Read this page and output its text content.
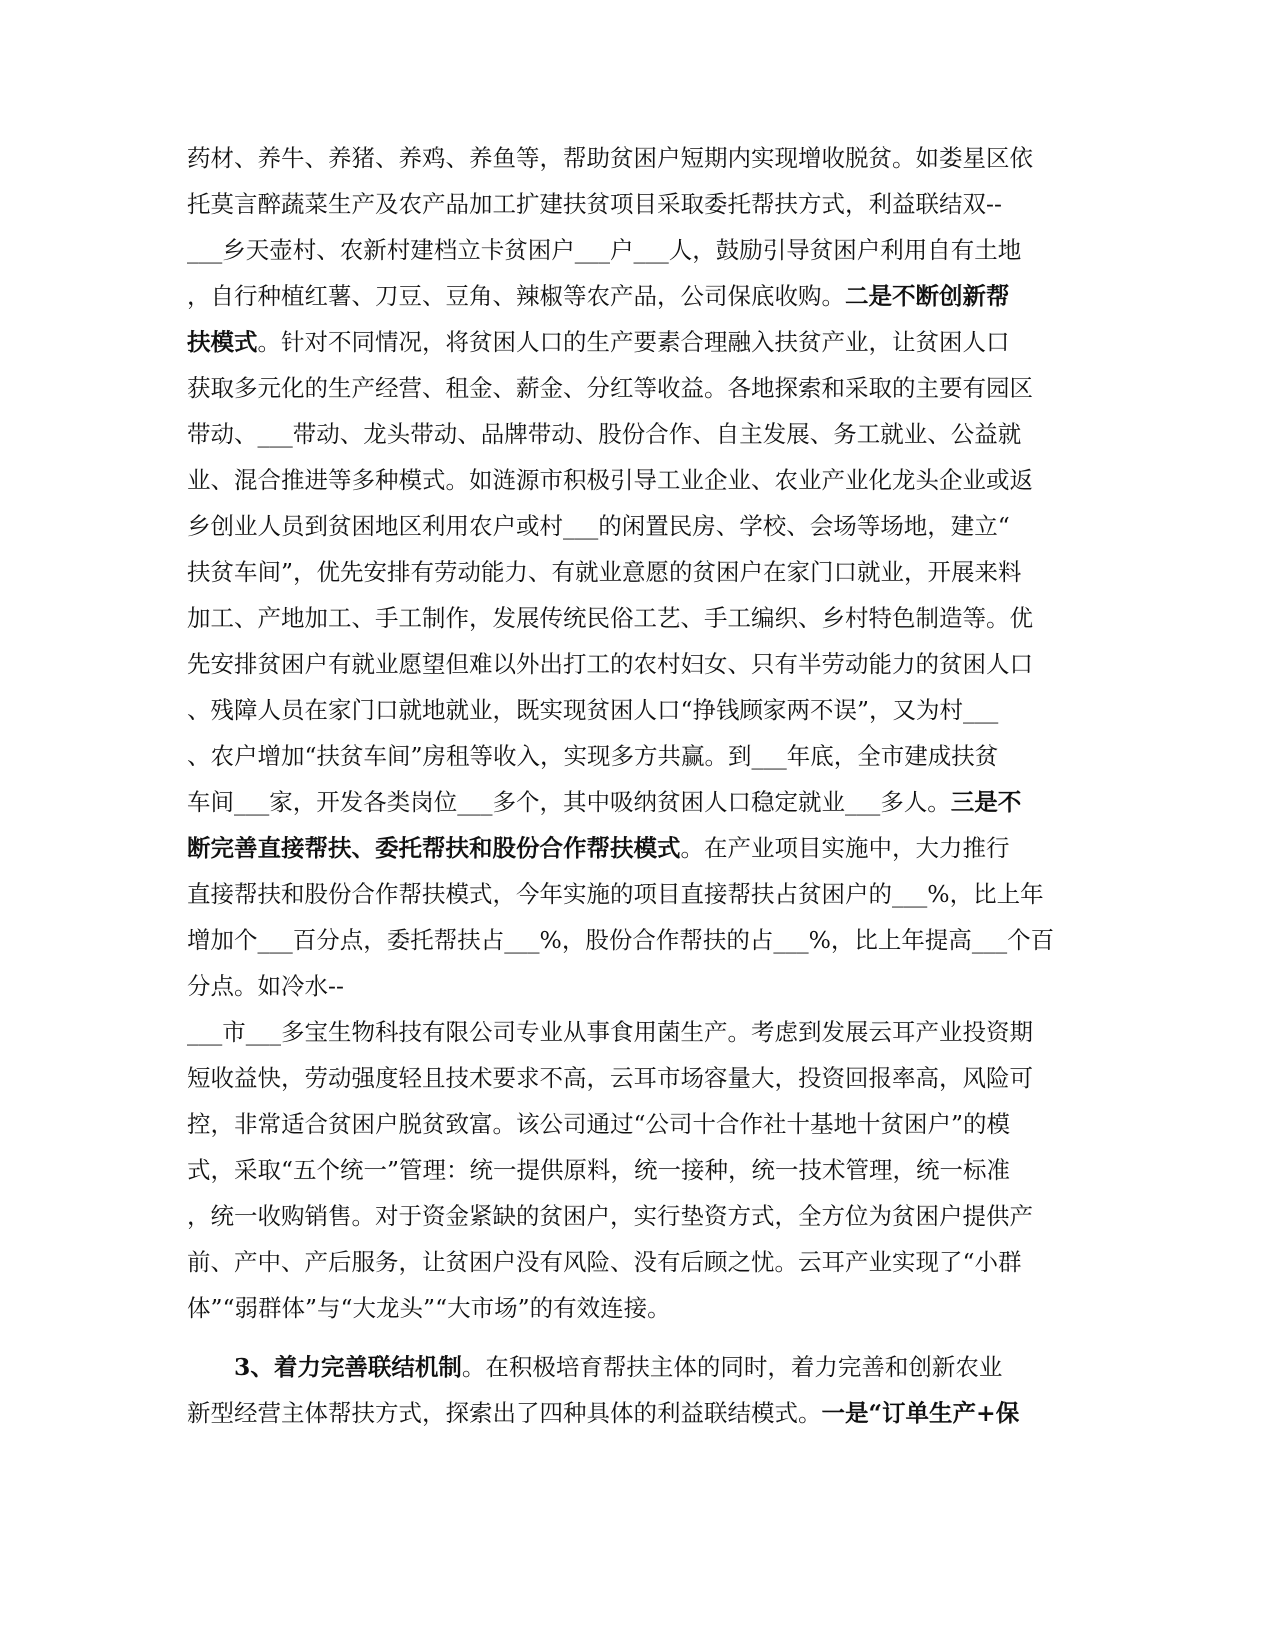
药材、养牛、养猪、养鸡、养鱼等，帮助贫困户短期内实现增收脱贫。如娄星区依
托莫言醉蔬菜生产及农产品加工扩建扶贫项目采取委托帮扶方式，利益联结双--
___乡天壶村、农新村建档立卡贫困户___户___人，鼓励引导贫困户利用自有土地
，自行种植红薯、刀豆、豆角、辣椒等农产品，公司保底收购。二是不断创新帮
扶模式。针对不同情况，将贫困人口的生产要素合理融入扶贫产业，让贫困人口
获取多元化的生产经营、租金、薪金、分红等收益。各地探索和采取的主要有园区
带动、___带动、龙头带动、品牌带动、股份合作、自主发展、务工就业、公益就
业、混合推进等多种模式。如涟源市积极引导工业企业、农业产业化龙头企业或返
乡创业人员到贫困地区利用农户或村___的闲置民房、学校、会场等场地，建立“
扶贫车间”，优先安排有劳动能力、有就业意愿的贫困户在家门口就业，开展来料
加工、产地加工、手工制作，发展传统民俗工艺、手工编织、乡村特色制造等。优
先安排贫困户有就业愿望但难以外出打工的农村妇女、只有半劳动能力的贫困人口
、残障人员在家门口就地就业，既实现贫困人口“挣钱顾家两不误”，又为村___
、农户增加“扶贫车间”房租等收入，实现多方共赢。到___年底，全市建成扶贫
车间___家，开发各类岗位___多个，其中吸纳贫困人口稳定就业___多人。三是不
断完善直接帮扶、委托帮扶和股份合作帮扶模式。在产业项目实施中，大力推行
直接帮扶和股份合作帮扶模式，今年实施的项目直接帮扶占贫困户的___%，比上年
增加个___百分点，委托帮扶占___%，股份合作帮扶的占___%，比上年提高___个百
分点。如冷水--
___市___多宝生物科技有限公司专业从事食用菌生产。考虑到发展云耳产业投资期
短收益快，劳动强度轻且技术要求不高，云耳市场容量大，投资回报率高，风险可
控，非常适合贫困户脱贫致富。该公司通过“公司十合作社十基地十贫困户”的模
式，采取“五个统一”管理：统一提供原料，统一接种，统一技术管理，统一标准
，统一收购销售。对于资金紧缺的贫困户，实行垫资方式，全方位为贫困户提供产
前、产中、产后服务，让贫困户没有风险、没有后顾之忧。云耳产业实现了“小群
体”“弱群体”与“大龙头”“大市场”的有效连接。
3、着力完善联结机制。在积极培育帮扶主体的同时，着力完善和创新农业
新型经营主体帮扶方式，探索出了四种具体的利益联结模式。一是“订单生产+保
